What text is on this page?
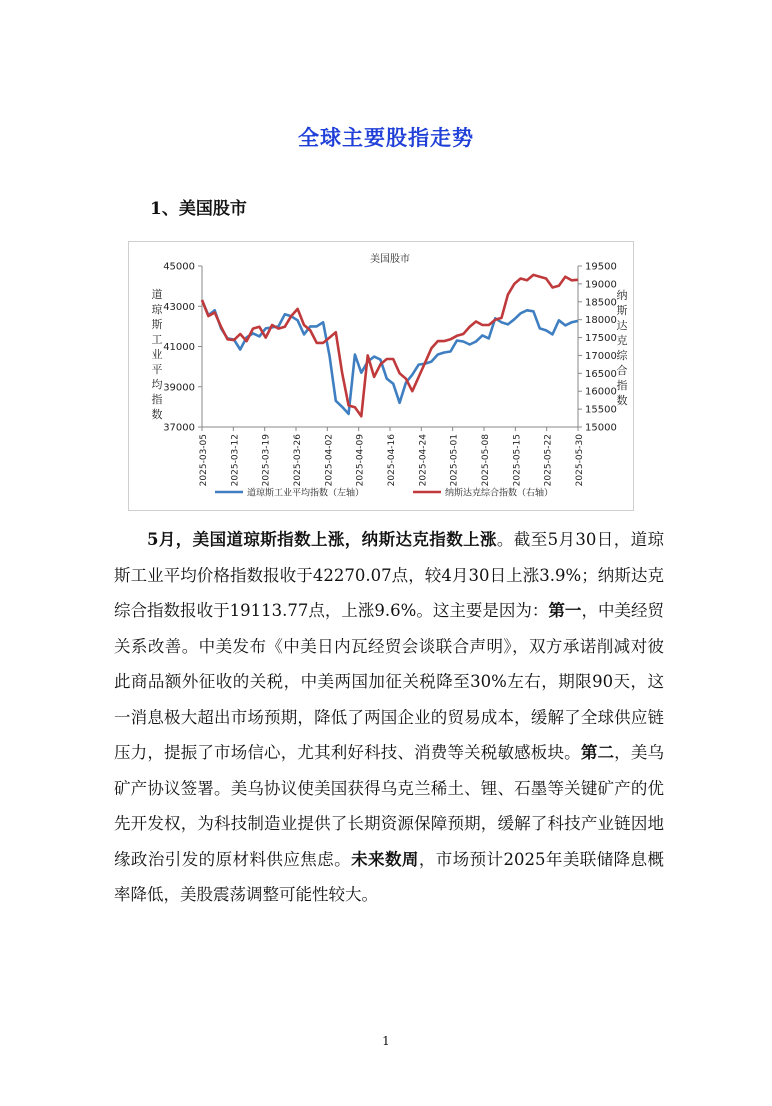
全球主要股指走势
1、美国股市
美国股市
45000
43000
41000
39000
37000
19500
19000
18500
18000
17500
17000
16500
16000
15500
15000
道琼斯工业平均指数
纳斯达克综合指数
2025-03-05 2025-03-12 2025-03-19 2025-03-26 2025-04-02 2025-04-09 2025-04-16 2025-04-24 2025-05-01 2025-05-08 2025-05-15 2025-05-22 2025-05-30
道琼斯工业平均指数（左轴）	纳斯达克综合指数（右轴）

5月，美国道琼斯指数上涨，纳斯达克指数上涨。截至5月30日，道琼斯工业平均价格指数报收于42270.07点，较4月30日上涨3.9%；纳斯达克综合指数报收于19113.77点，上涨9.6%。这主要是因为：第一，中美经贸关系改善。中美发布《中美日内瓦经贸会谈联合声明》，双方承诺削减对彼此商品额外征收的关税，中美两国加征关税降至30%左右，期限90天，这一消息极大超出市场预期，降低了两国企业的贸易成本，缓解了全球供应链压力，提振了市场信心，尤其利好科技、消费等关税敏感板块。第二，美乌矿产协议签署。美乌协议使美国获得乌克兰稀土、锂、石墨等关键矿产的优先开发权，为科技制造业提供了长期资源保障预期，缓解了科技产业链因地缘政治引发的原材料供应焦虑。未来数周，市场预计2025年美联储降息概率降低，美股震荡调整可能性较大。

1
